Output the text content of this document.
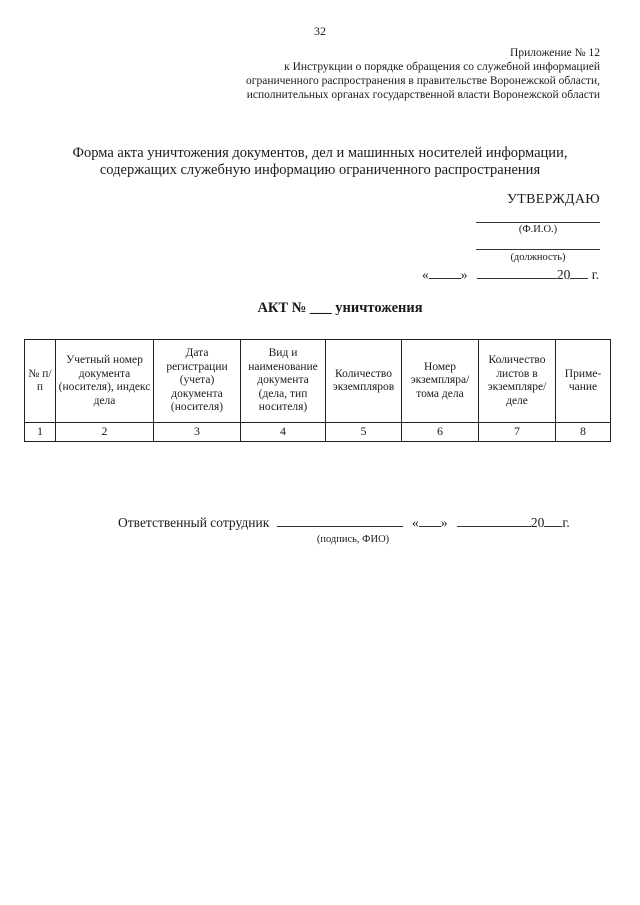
32
Приложение № 12
к Инструкции о порядке обращения со служебной информацией
ограниченного распространения в правительстве Воронежской области,
исполнительных органах государственной власти Воронежской области
Форма акта уничтожения документов, дел и машинных носителей информации,
содержащих служебную информацию ограниченного распространения
УТВЕРЖДАЮ
(Ф.И.О.)
(должность)
« »	20 г.
АКТ № ___ уничтожения
№ п/п	Учетный номер документа (носителя), индекс дела	Дата регистрации (учета) документа (носителя)	Вид и наименование документа (дела, тип носителя)	Количество экземпляров	Номер экземпляра/ тома дела	Количество листов в экземпляре/ деле	Приме- чание
1	2	3	4	5	6	7	8
Ответственный сотрудник	« »	20 г.
(подпись, ФИО)
